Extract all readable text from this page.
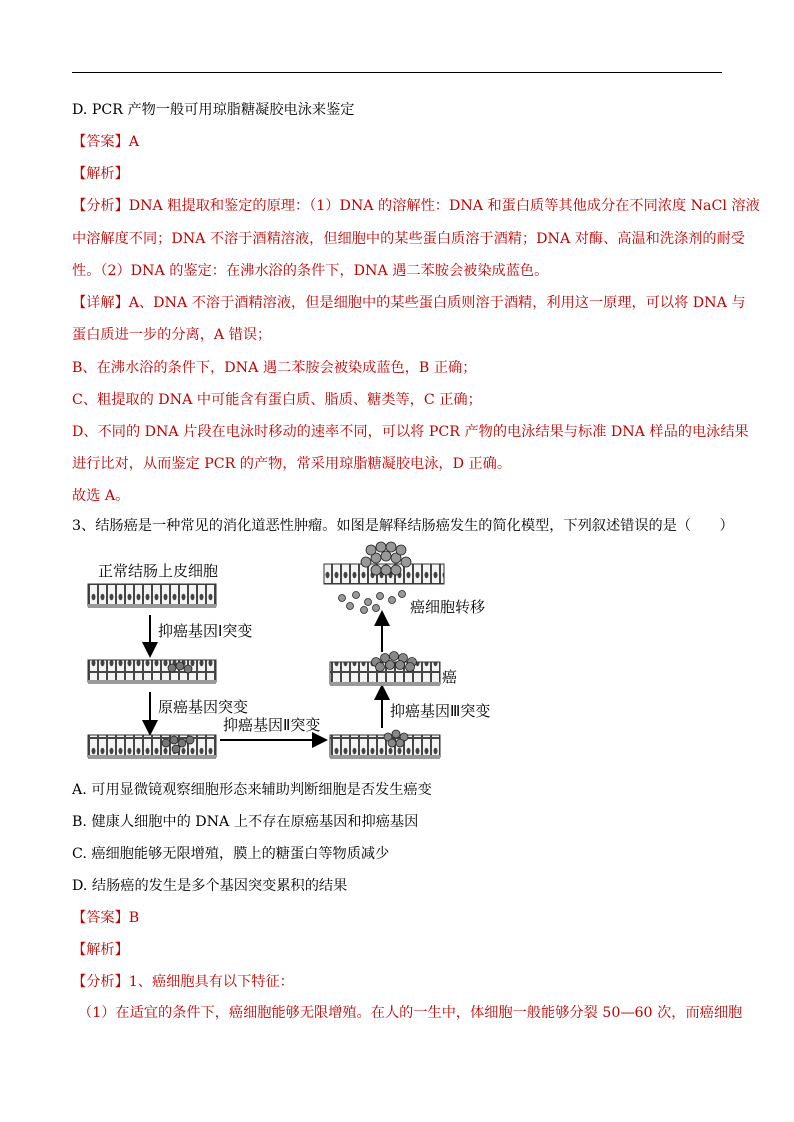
D. PCR 产物一般可用琼脂糖凝胶电泳来鉴定
【答案】A
【解析】
【分析】DNA 粗提取和鉴定的原理：（1）DNA 的溶解性：DNA 和蛋白质等其他成分在不同浓度 NaCl 溶液
中溶解度不同；DNA 不溶于酒精溶液，但细胞中的某些蛋白质溶于酒精；DNA 对酶、高温和洗涤剂的耐受
性。（2）DNA 的鉴定：在沸水浴的条件下，DNA 遇二苯胺会被染成蓝色。
【详解】A、DNA 不溶于酒精溶液，但是细胞中的某些蛋白质则溶于酒精，利用这一原理，可以将 DNA 与
蛋白质进一步的分离，A 错误；
B、在沸水浴的条件下，DNA 遇二苯胺会被染成蓝色，B 正确；
C、粗提取的 DNA 中可能含有蛋白质、脂质、糖类等，C 正确；
D、不同的 DNA 片段在电泳时移动的速率不同，可以将 PCR 产物的电泳结果与标准 DNA 样品的电泳结果
进行比对，从而鉴定 PCR 的产物，常采用琼脂糖凝胶电泳，D 正确。
故选 A。
3、结肠癌是一种常见的消化道恶性肿瘤。如图是解释结肠癌发生的简化模型，下列叙述错误的是（　　）
正常结肠上皮细胞
抑癌基因Ⅰ突变
原癌基因突变
抑癌基因Ⅱ突变
抑癌基因Ⅲ突变
癌
癌细胞转移
A. 可用显微镜观察细胞形态来辅助判断细胞是否发生癌变
B. 健康人细胞中的 DNA 上不存在原癌基因和抑癌基因
C. 癌细胞能够无限增殖，膜上的糖蛋白等物质减少
D. 结肠癌的发生是多个基因突变累积的结果
【答案】B
【解析】
【分析】1、癌细胞具有以下特征：
（1）在适宜的条件下，癌细胞能够无限增殖。在人的一生中，体细胞一般能够分裂 50—60 次，而癌细胞
